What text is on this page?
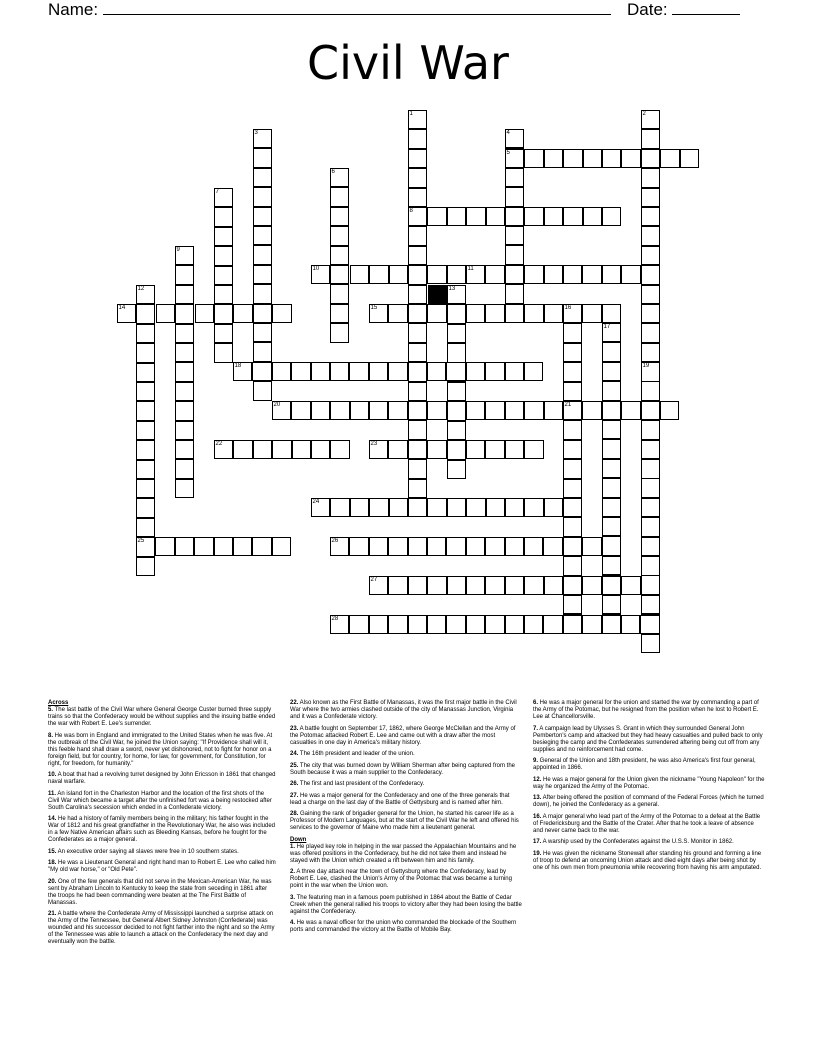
Name:	Date:
Civil War
1	2
3	4
5
6
7
8
9
10	11
12	13
14	15	16
17
18	19
20	21
22	23
24
25	26
27
28
Across

5. The last battle of the Civil War where General George Custer burned three supply trains so that the Confederacy would be without supplies and the insuing battle ended the war with Robert E. Lee's surrender.

8. He was born in England and immigrated to the United States when he was five. At the outbreak of the Civil War, he joined the Union saying: "If Providence shall will it, this feeble hand shall draw a sword, never yet dishonored, not to fight for honor on a foreign field, but for country, for home, for law, for government, for Constitution, for right, for freedom, for humanity."

10. A boat that had a revolving turret designed by John Ericsson in 1861 that changed naval warfare.

11. An island fort in the Charleston Harbor and the location of the first shots of the Civil War which became a target after the unfinished fort was a being restocked after South Carolina's secession which ended in a Confederate victory.

14. He had a history of family members being in the military; his father fought in the War of 1812 and his great grandfather in the Revolutionary War, he also was included in a few Native American affairs such as Bleeding Kansas, before he fought for the Confederates as a major general.

15. An executive order saying all slaves were free in 10 southern states.

18. He was a Lieutenant General and right hand man to Robert E. Lee who called him "My old war horse," or "Old Pete".

20. One of the few generals that did not serve in the Mexican-American War, he was sent by Abraham Lincoln to Kentucky to keep the state from seceding in 1861 after the troops he had been commanding were beaten at the The First Battle of Manassas.

21. A battle where the Confederate Army of Mississippi launched a surprise attack on the Army of the Tennessee, but General Albert Sidney Johnston (Confederate) was wounded and his successor decided to not fight farther into the night and so the Army of the Tennessee was able to launch a attack on the Confederacy the next day and eventually won the battle.

22. Also known as the First Battle of Manassas, it was the first major battle in the Civil War where the two armies clashed outside of the city of Manassas Junction, Virginia and it was a Confederate victory.

23. A battle fought on September 17, 1862, where George McClellan and the Army of the Potomac attacked Robert E. Lee and came out with a draw after the most casualties in one day in America's military history.

24. The 16th president and leader of the union.

25. The city that was burned down by William Sherman after being captured from the South because it was a main supplier to the Confederacy.

26. The first and last president of the Confederacy.

27. He was a major general for the Confederacy and one of the three generals that lead a charge on the last day of the Battle of Gettysburg and is named after him.

28. Gaining the rank of brigadier general for the Union, he started his career life as a Professor of Modern Languages, but at the start of the Civil War he left and offered his services to the governor of Maine who made him a lieutenant general.

Down

1. He played key role in helping in the war passed the Appalachian Mountains and he was offered positions in the Confederacy, but he did not take them and instead he stayed with the Union which created a rift between him and his family.

2. A three day attack near the town of Gettysburg where the Confederacy, lead by Robert E. Lee, clashed the Union's Army of the Potomac that was became a turning point in the war when the Union won.

3. The featuring man in a famous poem published in 1864 about the Battle of Cedar Creek when the general rallied his troops to victory after they had been losing the battle against the Confederacy.

4. He was a naval officer for the union who commanded the blockade of the Southern ports and commanded the victory at the Battle of Mobile Bay.

6. He was a major general for the union and started the war by commanding a part of the Army of the Potomac, but he resigned from the position when he lost to Robert E. Lee at Chancellorsville.

7. A campaign lead by Ulysses S. Grant in which they surrounded General John Pemberton's camp and attacked but they had heavy casualties and pulled back to only besieging the camp and the Confederates surrendered aftering being cut off from any supplies and no reinforcement had come.

9. General of the Union and 18th president, he was also America's first four general, appointed in 1866.

12. He was a major general for the Union given the nickname "Young Napoleon" for the way he organized the Army of the Potomac.

13. After being offered the position of command of the Federal Forces (which he turned down), he joined the Confederacy as a general.

16. A major general who lead part of the Army of the Potomac to a defeat at the Battle of Fredericksburg and the Battle of the Crater. After that he took a leave of absence and never came back to the war.

17. A warship used by the Confederates against the U.S.S. Monitor in 1862.

19. He was given the nickname Stonewall after standing his ground and forming a line of troop to defend an oncoming Union attack and died eight days after being shot by one of his own men from pneumonia while recovering from having his arm amputated.
